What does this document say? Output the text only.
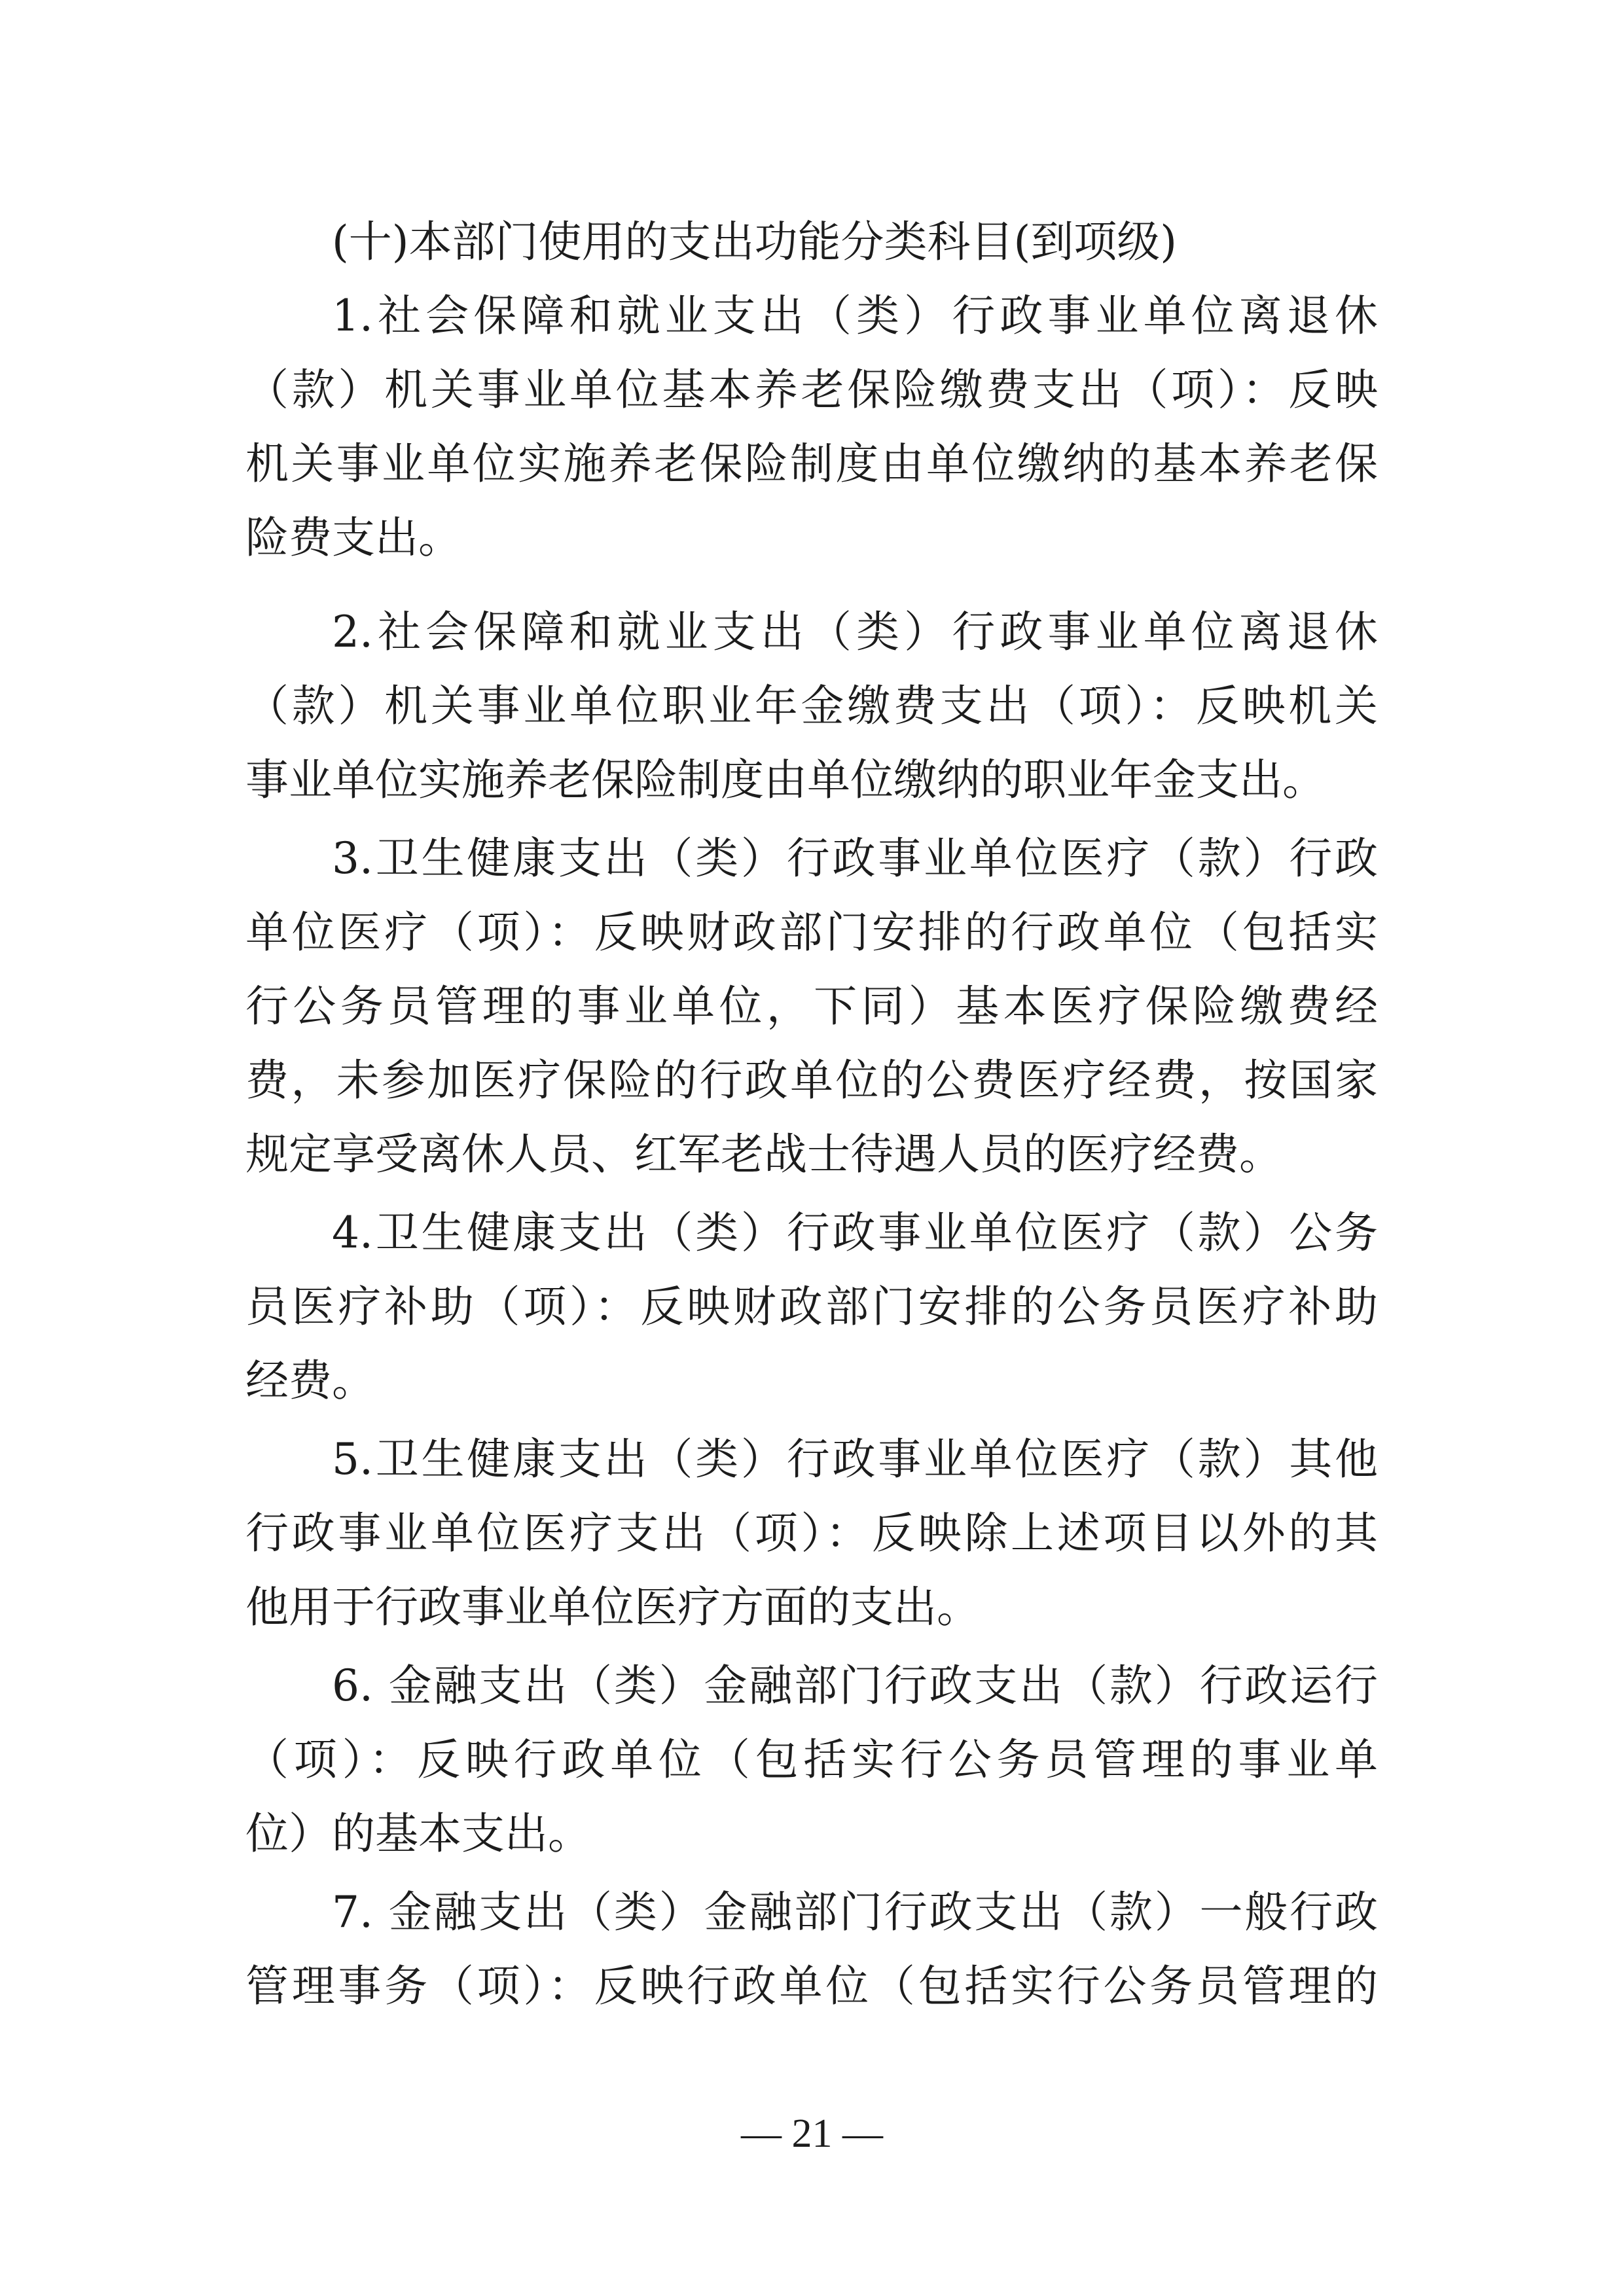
(十)本部门使用的支出功能分类科目(到项级)

1.社会保障和就业支出（类）行政事业单位离退休

（款）机关事业单位基本养老保险缴费支出（项）：反映

机关事业单位实施养老保险制度由单位缴纳的基本养老保

险费支出。

2.社会保障和就业支出（类）行政事业单位离退休

（款）机关事业单位职业年金缴费支出（项）：反映机关

事业单位实施养老保险制度由单位缴纳的职业年金支出。

3.卫生健康支出（类）行政事业单位医疗（款）行政

单位医疗（项）：反映财政部门安排的行政单位（包括实

行公务员管理的事业单位，下同）基本医疗保险缴费经

费，未参加医疗保险的行政单位的公费医疗经费，按国家

规定享受离休人员、红军老战士待遇人员的医疗经费。

4.卫生健康支出（类）行政事业单位医疗（款）公务

员医疗补助（项）：反映财政部门安排的公务员医疗补助

经费。

5.卫生健康支出（类）行政事业单位医疗（款）其他

行政事业单位医疗支出（项）：反映除上述项目以外的其

他用于行政事业单位医疗方面的支出。

6. 金融支出（类）金融部门行政支出（款）行政运行

（项）：反映行政单位（包括实行公务员管理的事业单

位）的基本支出。

7. 金融支出（类）金融部门行政支出（款）一般行政

管理事务（项）：反映行政单位（包括实行公务员管理的

— 21 —
